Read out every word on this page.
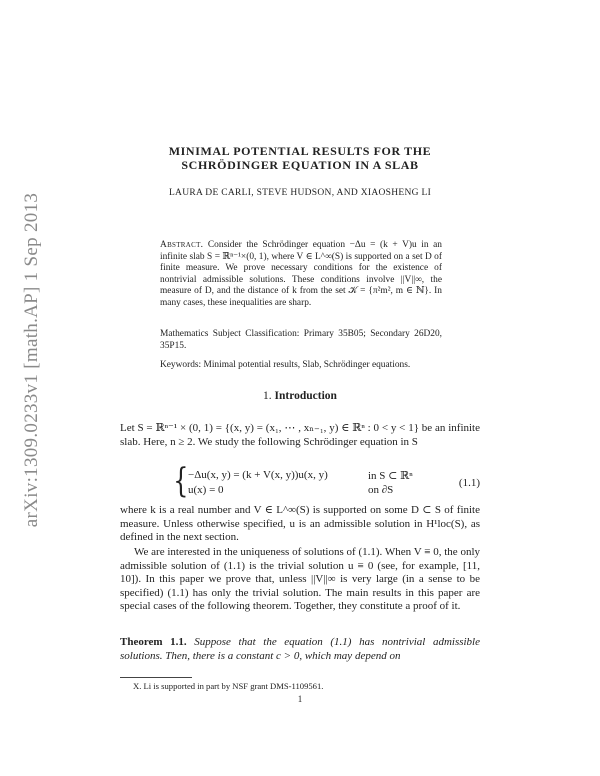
arXiv:1309.0233v1 [math.AP] 1 Sep 2013
MINIMAL POTENTIAL RESULTS FOR THE
SCHRÖDINGER EQUATION IN A SLAB
LAURA DE CARLI, STEVE HUDSON, AND XIAOSHENG LI
Abstract. Consider the Schrödinger equation −Δu = (k + V)u in an infinite slab S = ℝⁿ⁻¹×(0, 1), where V ∈ L^∞(S) is supported on a set D of finite measure. We prove necessary conditions for the existence of nontrivial admissible solutions. These conditions involve ||V||∞, the measure of D, and the distance of k from the set 𝒦 = {π²m², m ∈ ℕ}. In many cases, these inequalities are sharp.
Mathematics Subject Classification: Primary 35B05; Secondary 26D20, 35P15.
Keywords: Minimal potential results, Slab, Schrödinger equations.
1. Introduction
Let S = ℝⁿ⁻¹ × (0, 1) = {(x, y) = (x₁, ⋯ , xₙ₋₁, y) ∈ ℝⁿ : 0 < y < 1} be an infinite slab. Here, n ≥ 2. We study the following Schrödinger equation in S
{ −Δu(x, y) = (k + V(x, y))u(x, y)	in S ⊂ ℝⁿ
u(x) = 0	on ∂S
(1.1)
where k is a real number and V ∈ L^∞(S) is supported on some D ⊂ S of finite measure. Unless otherwise specified, u is an admissible solution in H¹loc(S), as defined in the next section.
We are interested in the uniqueness of solutions of (1.1). When V ≡ 0, the only admissible solution of (1.1) is the trivial solution u ≡ 0 (see, for example, [11, 10]). In this paper we prove that, unless ||V||∞ is very large (in a sense to be specified) (1.1) has only the trivial solution. The main results in this paper are special cases of the following theorem. Together, they constitute a proof of it.
Theorem 1.1. Suppose that the equation (1.1) has nontrivial admissible solutions. Then, there is a constant c > 0, which may depend on
X. Li is supported in part by NSF grant DMS-1109561.
1
